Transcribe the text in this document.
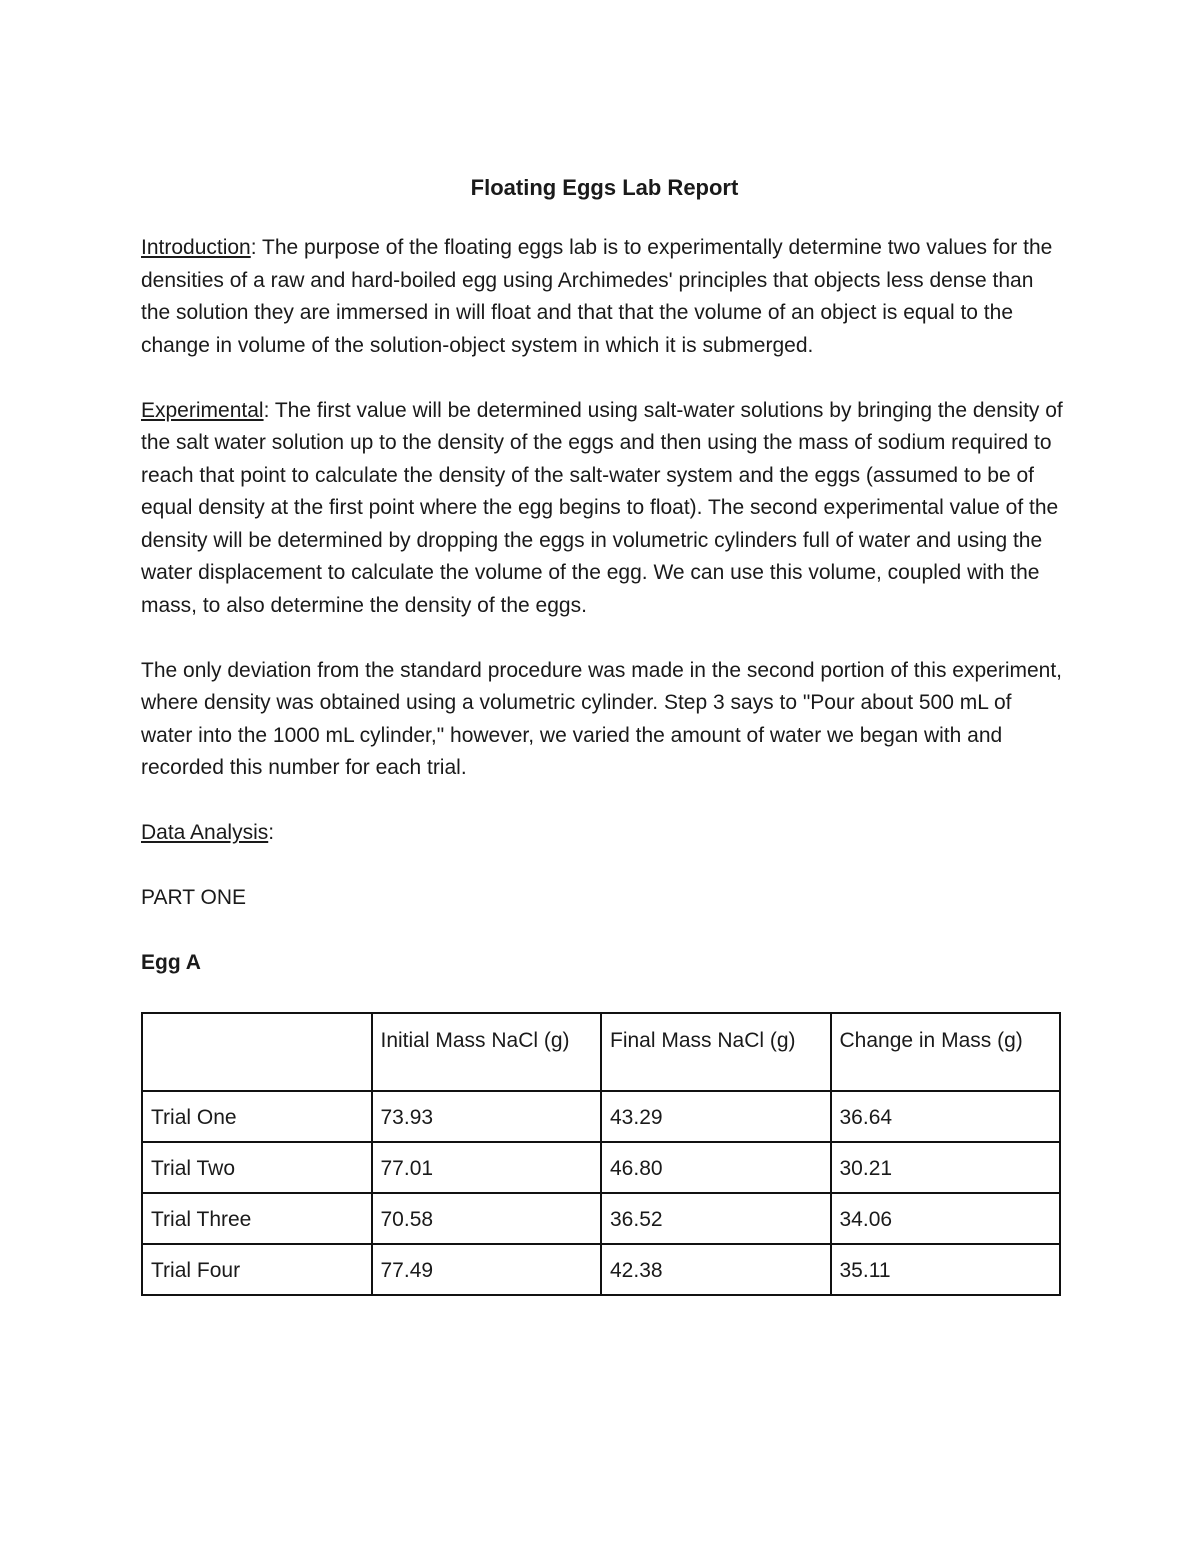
Floating Eggs Lab Report

Introduction: The purpose of the floating eggs lab is to experimentally determine two values for the densities of a raw and hard-boiled egg using Archimedes' principles that objects less dense than the solution they are immersed in will float and that that the volume of an object is equal to the change in volume of the solution-object system in which it is submerged.

Experimental: The first value will be determined using salt-water solutions by bringing the density of the salt water solution up to the density of the eggs and then using the mass of sodium required to reach that point to calculate the density of the salt-water system and the eggs (assumed to be of equal density at the first point where the egg begins to float). The second experimental value of the density will be determined by dropping the eggs in volumetric cylinders full of water and using the water displacement to calculate the volume of the egg. We can use this volume, coupled with the mass, to also determine the density of the eggs.

The only deviation from the standard procedure was made in the second portion of this experiment, where density was obtained using a volumetric cylinder. Step 3 says to "Pour about 500 mL of water into the 1000 mL cylinder," however, we varied the amount of water we began with and recorded this number for each trial.

Data Analysis:
PART ONE
Egg A
	Initial Mass NaCl (g)	Final Mass NaCl (g)	Change in Mass (g)
Trial One	73.93	43.29	36.64
Trial Two	77.01	46.80	30.21
Trial Three	70.58	36.52	34.06
Trial Four	77.49	42.38	35.11
